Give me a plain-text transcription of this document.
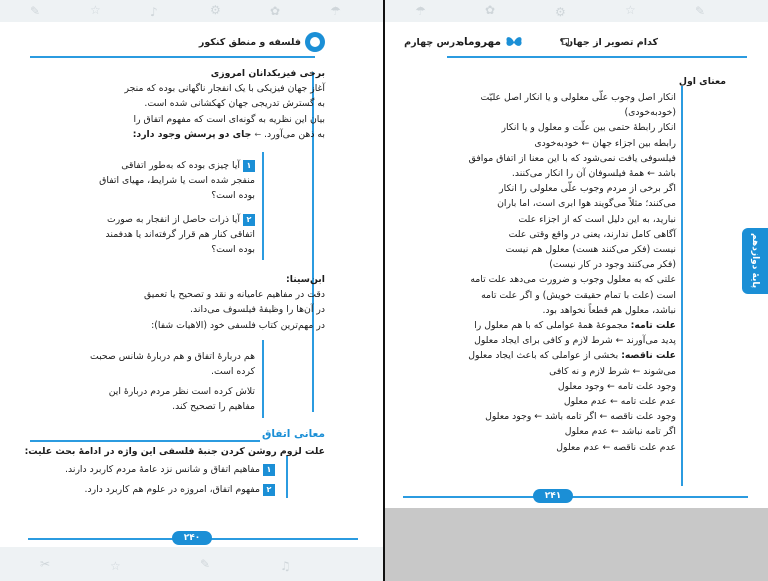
✎	☆	♪	⚙	✿	☂
فلسفه و منطق کنکور

برخی فیزیکدانان امروزی

آغاز جهان فیزیکی با یک انفجار ناگهانی بوده که منجر

به گسترش تدریجی جهان کهکشانی شده است.

بیان این نظریه به گونه‌ای است که مفهوم اتفاق را

به ذهن می‌آورد. ← جای دو پرسش وجود دارد:

۱آیا چیزی بوده که به‌طور اتفاقی

منفجر شده است یا شرایط، مهیای اتفاق

بوده است؟

۲آیا ذرات حاصل از انفجار به صورت

اتفاقی کنار هم قرار گرفته‌اند یا هدفمند

بوده است؟

ابن‌سینا:

دقت در مفاهیم عامیانه و نقد و تصحیح یا تعمیق

در آن‌ها را وظیفهٔ فیلسوف می‌داند.

در مهم‌ترین کتاب فلسفی خود (الاهیات شفا):

هم دربارهٔ اتفاق و هم دربارهٔ شانس صحبت

کرده است.

تلاش کرده است نظر مردم دربارهٔ این

مفاهیم را تصحیح کند.

معانی اتفاق

علت لزوم روشن کردن جنبهٔ فلسفی این واژه در ادامهٔ بحث علیت:

۱مفاهیم اتفاق و شانس نزد عامهٔ مردم کاربرد دارند.

۲مفهوم اتفاق، امروزه در علوم هم کاربرد دارد.

۲۴۰
✂	☆	✎	♫
☂	✿	⚙	☆	✎
مهروماه	کدام تصویر از جهان؟
درس چهارم
پایهٔ دوازدهم

معنای اول

انکار اصل وجوب علّی معلولی و یا انکار اصل علیّت

(خودبه‌خودی)

انکار رابطهٔ حتمی بین علّت و معلول و یا انکار

رابطه بین اجزاء جهان ← خودبه‌خودی

فیلسوفی یافت نمی‌شود که با این معنا از اتفاق موافق

باشد ← همهٔ فیلسوفان آن را انکار می‌کنند.

اگر برخی از مردم وجوب علّی معلولی را انکار

می‌کنند؛ مثلاً می‌گویند هوا ابری است، اما باران

نبارید، به این دلیل است که از اجزاء علت

آگاهی کامل ندارند، یعنی در واقع وقتی علت

نیست (فکر می‌کنند هست) معلول هم نیست

(فکر می‌کنند وجود در کار نیست)

علتی که به معلول وجوب و ضرورت می‌دهد علت تامه

است (علت با تمام حقیقت خویش) و اگر علت تامه

نباشد، معلول هم قطعاً نخواهد بود.

علت تامه: مجموعهٔ همهٔ عواملی که با هم معلول را

پدید می‌آورند ← شرط لازم و کافی برای ایجاد معلول

علت ناقصه: بخشی از عواملی که باعث ایجاد معلول

می‌شوند ← شرط لازم و نه کافی

وجود علت تامه ← وجود معلول

عدم علت تامه ← عدم معلول

وجود علت ناقصه ← اگر تامه باشد ← وجود معلول

اگر تامه نباشد ← عدم معلول

عدم علت ناقصه ← عدم معلول

۲۴۱
